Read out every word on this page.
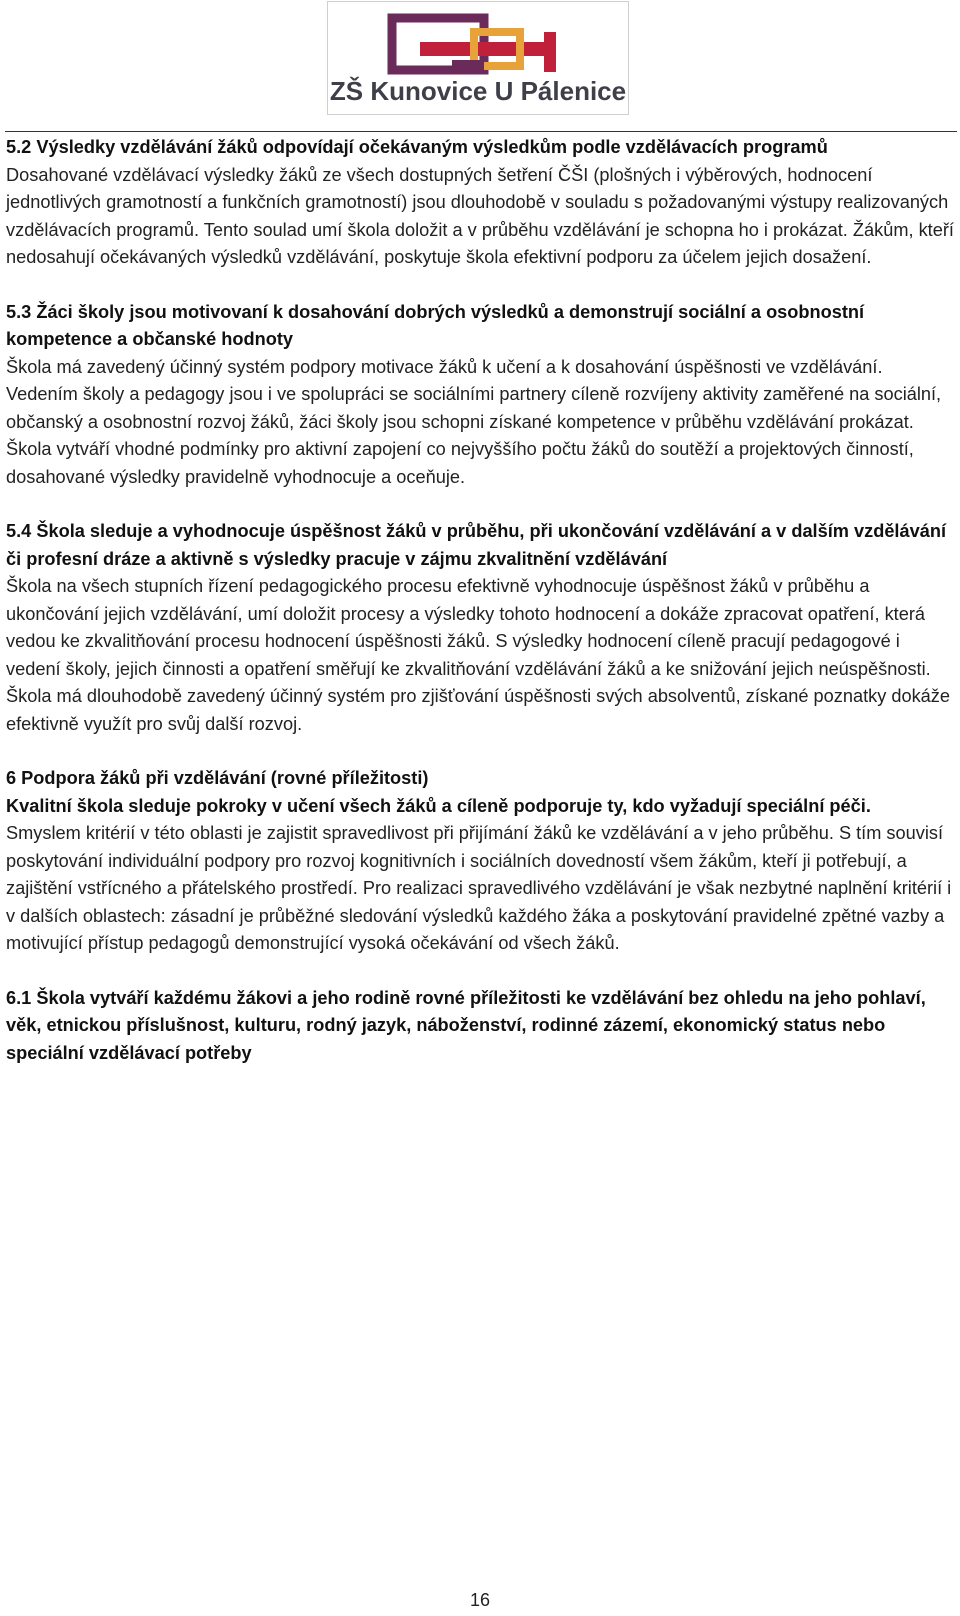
ZŠ Kunovice U Pálenice

5.2 Výsledky vzdělávání žáků odpovídají očekávaným výsledkům podle vzdělávacích programů

Dosahované vzdělávací výsledky žáků ze všech dostupných šetření ČŠI (plošných i výběrových, hodnocení jednotlivých gramotností a funkčních gramotností) jsou dlouhodobě v souladu s požadovanými výstupy realizovaných vzdělávacích programů. Tento soulad umí škola doložit a v průběhu vzdělávání je schopna ho i prokázat. Žákům, kteří nedosahují očekávaných výsledků vzdělávání, poskytuje škola efektivní podporu za účelem jejich dosažení.

5.3 Žáci školy jsou motivovaní k dosahování dobrých výsledků a demonstrují sociální a osobnostní kompetence a občanské hodnoty

Škola má zavedený účinný systém podpory motivace žáků k učení a k dosahování úspěšnosti ve vzdělávání. Vedením školy a pedagogy jsou i ve spolupráci se sociálními partnery cíleně rozvíjeny aktivity zaměřené na sociální, občanský a osobnostní rozvoj žáků, žáci školy jsou schopni získané kompetence v průběhu vzdělávání prokázat. Škola vytváří vhodné podmínky pro aktivní zapojení co nejvyššího počtu žáků do soutěží a projektových činností, dosahované výsledky pravidelně vyhodnocuje a oceňuje.

5.4 Škola sleduje a vyhodnocuje úspěšnost žáků v průběhu, při ukončování vzdělávání a v dalším vzdělávání či profesní dráze a aktivně s výsledky pracuje v zájmu zkvalitnění vzdělávání

Škola na všech stupních řízení pedagogického procesu efektivně vyhodnocuje úspěšnost žáků v průběhu a ukončování jejich vzdělávání, umí doložit procesy a výsledky tohoto hodnocení a dokáže zpracovat opatření, která vedou ke zkvalitňování procesu hodnocení úspěšnosti žáků. S výsledky hodnocení cíleně pracují pedagogové i vedení školy, jejich činnosti a opatření směřují ke zkvalitňování vzdělávání žáků a ke snižování jejich neúspěšnosti. Škola má dlouhodobě zavedený účinný systém pro zjišťování úspěšnosti svých absolventů, získané poznatky dokáže efektivně využít pro svůj další rozvoj.

6 Podpora žáků při vzdělávání (rovné příležitosti)

Kvalitní škola sleduje pokroky v učení všech žáků a cíleně podporuje ty, kdo vyžadují speciální péči.

Smyslem kritérií v této oblasti je zajistit spravedlivost při přijímání žáků ke vzdělávání a v jeho průběhu. S tím souvisí poskytování individuální podpory pro rozvoj kognitivních i sociálních dovedností všem žákům, kteří ji potřebují, a zajištění vstřícného a přátelského prostředí. Pro realizaci spravedlivého vzdělávání je však nezbytné naplnění kritérií i v dalších oblastech: zásadní je průběžné sledování výsledků každého žáka a poskytování pravidelné zpětné vazby a motivující přístup pedagogů demonstrující vysoká očekávání od všech žáků.

6.1 Škola vytváří každému žákovi a jeho rodině rovné příležitosti ke vzdělávání bez ohledu na jeho pohlaví, věk, etnickou příslušnost, kulturu, rodný jazyk, náboženství, rodinné zázemí, ekonomický status nebo speciální vzdělávací potřeby

16
